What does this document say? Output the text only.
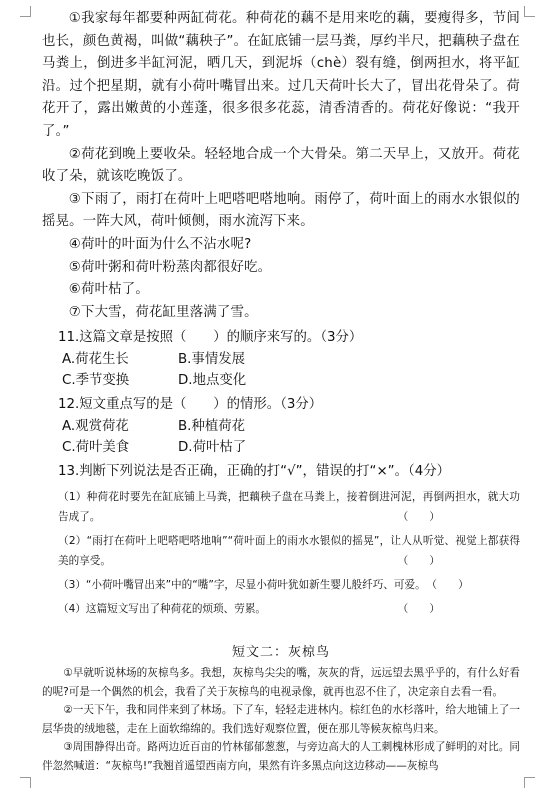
①我家每年都要种两缸荷花。种荷花的藕不是用来吃的藕，要瘦得多，节间也长，颜色黄褐，叫做“藕秧子”。在缸底铺一层马粪，厚约半尺，把藕秧子盘在马粪上，倒进多半缸河泥，晒几天，到泥坼（chè）裂有缝，倒两担水，将平缸沿。过个把星期，就有小荷叶嘴冒出来。过几天荷叶长大了，冒出花骨朵了。荷花开了，露出嫩黄的小莲蓬，很多很多花蕊，清香清香的。荷花好像说：“我开了。”

②荷花到晚上要收朵。轻轻地合成一个大骨朵。第二天早上，又放开。荷花收了朵，就该吃晚饭了。

③下雨了，雨打在荷叶上吧嗒吧嗒地响。雨停了，荷叶面上的雨水水银似的摇晃。一阵大风，荷叶倾侧，雨水流泻下来。

④荷叶的叶面为什么不沾水呢?

⑤荷叶粥和荷叶粉蒸肉都很好吃。

⑥荷叶枯了。

⑦下大雪，荷花缸里落满了雪。

11.这篇文章是按照（　　）的顺序来写的。（3分）

A.荷花生长	B.事情发展
C.季节变换	D.地点变化

12.短文重点写的是（　　）的情形。（3分）

A.观赏荷花	B.种植荷花
C.荷叶美食	D.荷叶枯了

13.判断下列说法是否正确，正确的打“√”，错误的打“×”。（4分）

（1）种荷花时要先在缸底铺上马粪，把藕秧子盘在马粪上，接着倒进河泥，再倒两担水，就大功告成了。	（　　）

（2）“雨打在荷叶上吧嗒吧嗒地响”“荷叶面上的雨水水银似的摇晃”，让人从听觉、视觉上都获得美的享受。	（　　）

（3）“小荷叶嘴冒出来”中的“嘴”字，尽显小荷叶犹如新生婴儿般纤巧、可爱。 （　　）

（4）这篇短文写出了种荷花的烦琐、劳累。	（　　）
短文二：灰椋鸟

①早就听说林场的灰椋鸟多。我想，灰椋鸟尖尖的嘴，灰灰的背，远远望去黑乎乎的，有什么好看的呢?可是一个偶然的机会，我看了关于灰椋鸟的电视录像，就再也忍不住了，决定亲自去看一看。

②一天下午，我和同伴来到了林场。下了车，轻轻走进林内。棕红色的水杉落叶，给大地铺上了一层华贵的绒地毯，走在上面软绵绵的。我们选好观察位置，便在那儿等候灰椋鸟归来。

③周围静得出奇。路两边近百亩的竹林郁郁葱葱，与旁边高大的人工刺槐林形成了鲜明的对比。同伴忽然喊道：“灰椋鸟!”我翘首遥望西南方向，果然有许多黑点向这边移动——灰椋鸟
